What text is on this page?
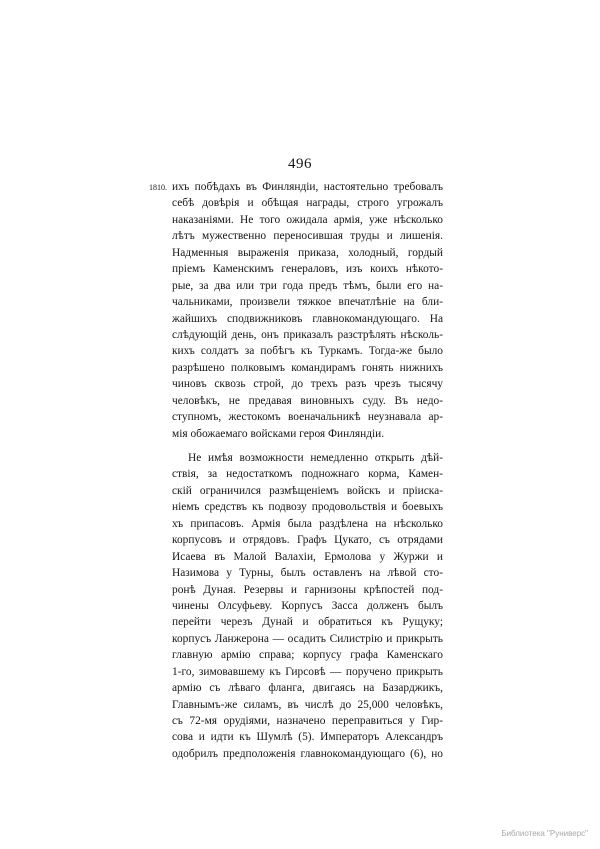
496
1810. ихъ побѣдахъ въ Финляндіи, настоятельно требовалъ
себѣ довѣрія и обѣщая награды, строго угрожалъ
наказаніями. Не того ожидала армія, уже нѣсколько
лѣтъ мужественно переносившая труды и лишенія.
Надменныя выраженія приказа, холодный, гордый
пріемъ Каменскимъ генераловъ, изъ коихъ нѣкото-
рые, за два или три года предъ тѣмъ, были его на-
чальниками, произвели тяжкое впечатлѣніе на бли-
жайшихъ сподвижниковъ главнокомандующаго. На
слѣдующій день, онъ приказалъ разстрѣлять нѣсколь-
кихъ солдатъ за побѣгъ къ Туркамъ. Тогда-же было
разрѣшено полковымъ командирамъ гонять нижнихъ
чиновъ сквозь строй, до трехъ разъ чрезъ тысячу
человѣкъ, не предавая виновныхъ суду. Въ недо-
ступномъ, жестокомъ военачальникѣ неузнавала ар-
мія обожаемаго войсками героя Финляндіи.
Не имѣя возможности немедленно открыть дѣй-
ствія, за недостаткомъ подножнаго корма, Камен-
скій ограничился размѣщеніемъ войскъ и пріиска-
ніемъ средствъ къ подвозу продовольствія и боевыхъ
хъ припасовъ. Армія была раздѣлена на нѣсколько
корпусовъ и отрядовъ. Графъ Цукато, съ отрядами
Исаева въ Малой Валахіи, Ермолова у Журжи и
Назимова у Турны, былъ оставленъ на лѣвой сто-
ронѣ Дуная. Резервы и гарнизоны крѣпостей под-
чинены Олсуфьеву. Корпусъ Засса долженъ былъ
перейти черезъ Дунай и обратиться къ Рущуку;
корпусъ Ланжерона — осадить Силистрію и прикрыть
главную армію справа; корпусу графа Каменскаго
1-го, зимовавшему къ Гирсовѣ — поручено прикрыть
армію съ лѣваго фланга, двигаясь на Базарджикъ,
Главнымъ-же силамъ, въ числѣ до 25,000 человѣкъ,
съ 72-мя орудіями, назначено переправиться у Гир-
сова и идти къ Шумлѣ (5). Императоръ Александръ
одобрилъ предположенія главнокомандующаго (6), но
Библиотека "Руниверс"
